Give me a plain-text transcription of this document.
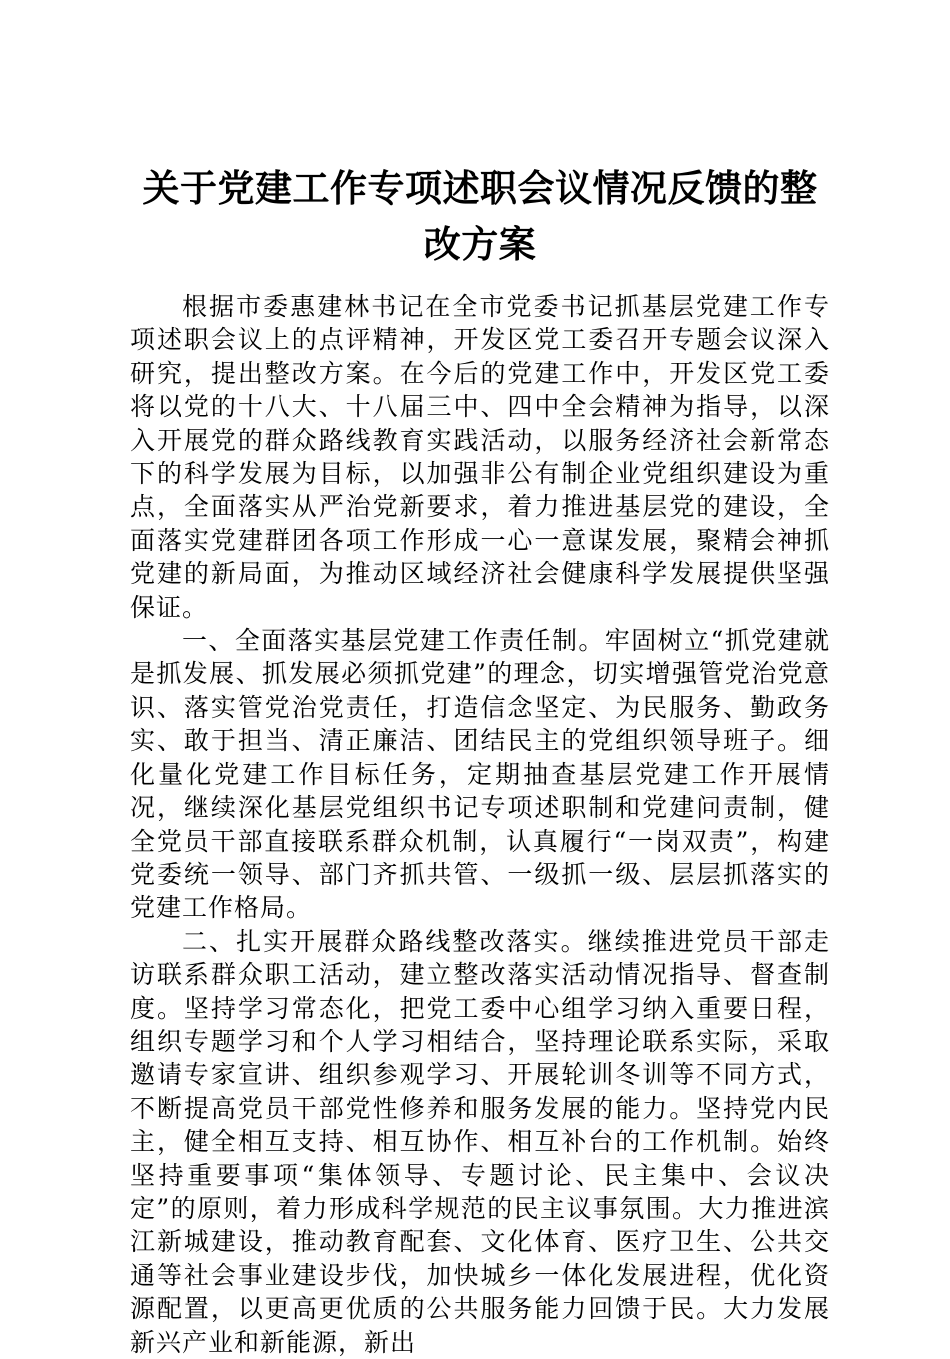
关于党建工作专项述职会议情况反馈的整改方案

根据市委惠建林书记在全市党委书记抓基层党建工作专项述职会议上的点评精神，开发区党工委召开专题会议深入研究，提出整改方案。在今后的党建工作中，开发区党工委将以党的十八大、十八届三中、四中全会精神为指导，以深入开展党的群众路线教育实践活动，以服务经济社会新常态下的科学发展为目标，以加强非公有制企业党组织建设为重点，全面落实从严治党新要求，着力推进基层党的建设，全面落实党建群团各项工作形成一心一意谋发展，聚精会神抓党建的新局面，为推动区域经济社会健康科学发展提供坚强保证。

一、全面落实基层党建工作责任制。牢固树立“抓党建就是抓发展、抓发展必须抓党建”的理念，切实增强管党治党意识、落实管党治党责任，打造信念坚定、为民服务、勤政务实、敢于担当、清正廉洁、团结民主的党组织领导班子。细化量化党建工作目标任务，定期抽查基层党建工作开展情况，继续深化基层党组织书记专项述职制和党建问责制，健全党员干部直接联系群众机制，认真履行“一岗双责”，构建党委统一领导、部门齐抓共管、一级抓一级、层层抓落实的党建工作格局。

二、扎实开展群众路线整改落实。继续推进党员干部走访联系群众职工活动，建立整改落实活动情况指导、督查制度。坚持学习常态化，把党工委中心组学习纳入重要日程，组织专题学习和个人学习相结合，坚持理论联系实际，采取邀请专家宣讲、组织参观学习、开展轮训冬训等不同方式，不断提高党员干部党性修养和服务发展的能力。坚持党内民主，健全相互支持、相互协作、相互补台的工作机制。始终坚持重要事项“集体领导、专题讨论、民主集中、会议决定”的原则，着力形成科学规范的民主议事氛围。大力推进滨江新城建设，推动教育配套、文化体育、医疗卫生、公共交通等社会事业建设步伐，加快城乡一体化发展进程，优化资源配置，以更高更优质的公共服务能力回馈于民。大力发展新兴产业和新能源，新出
